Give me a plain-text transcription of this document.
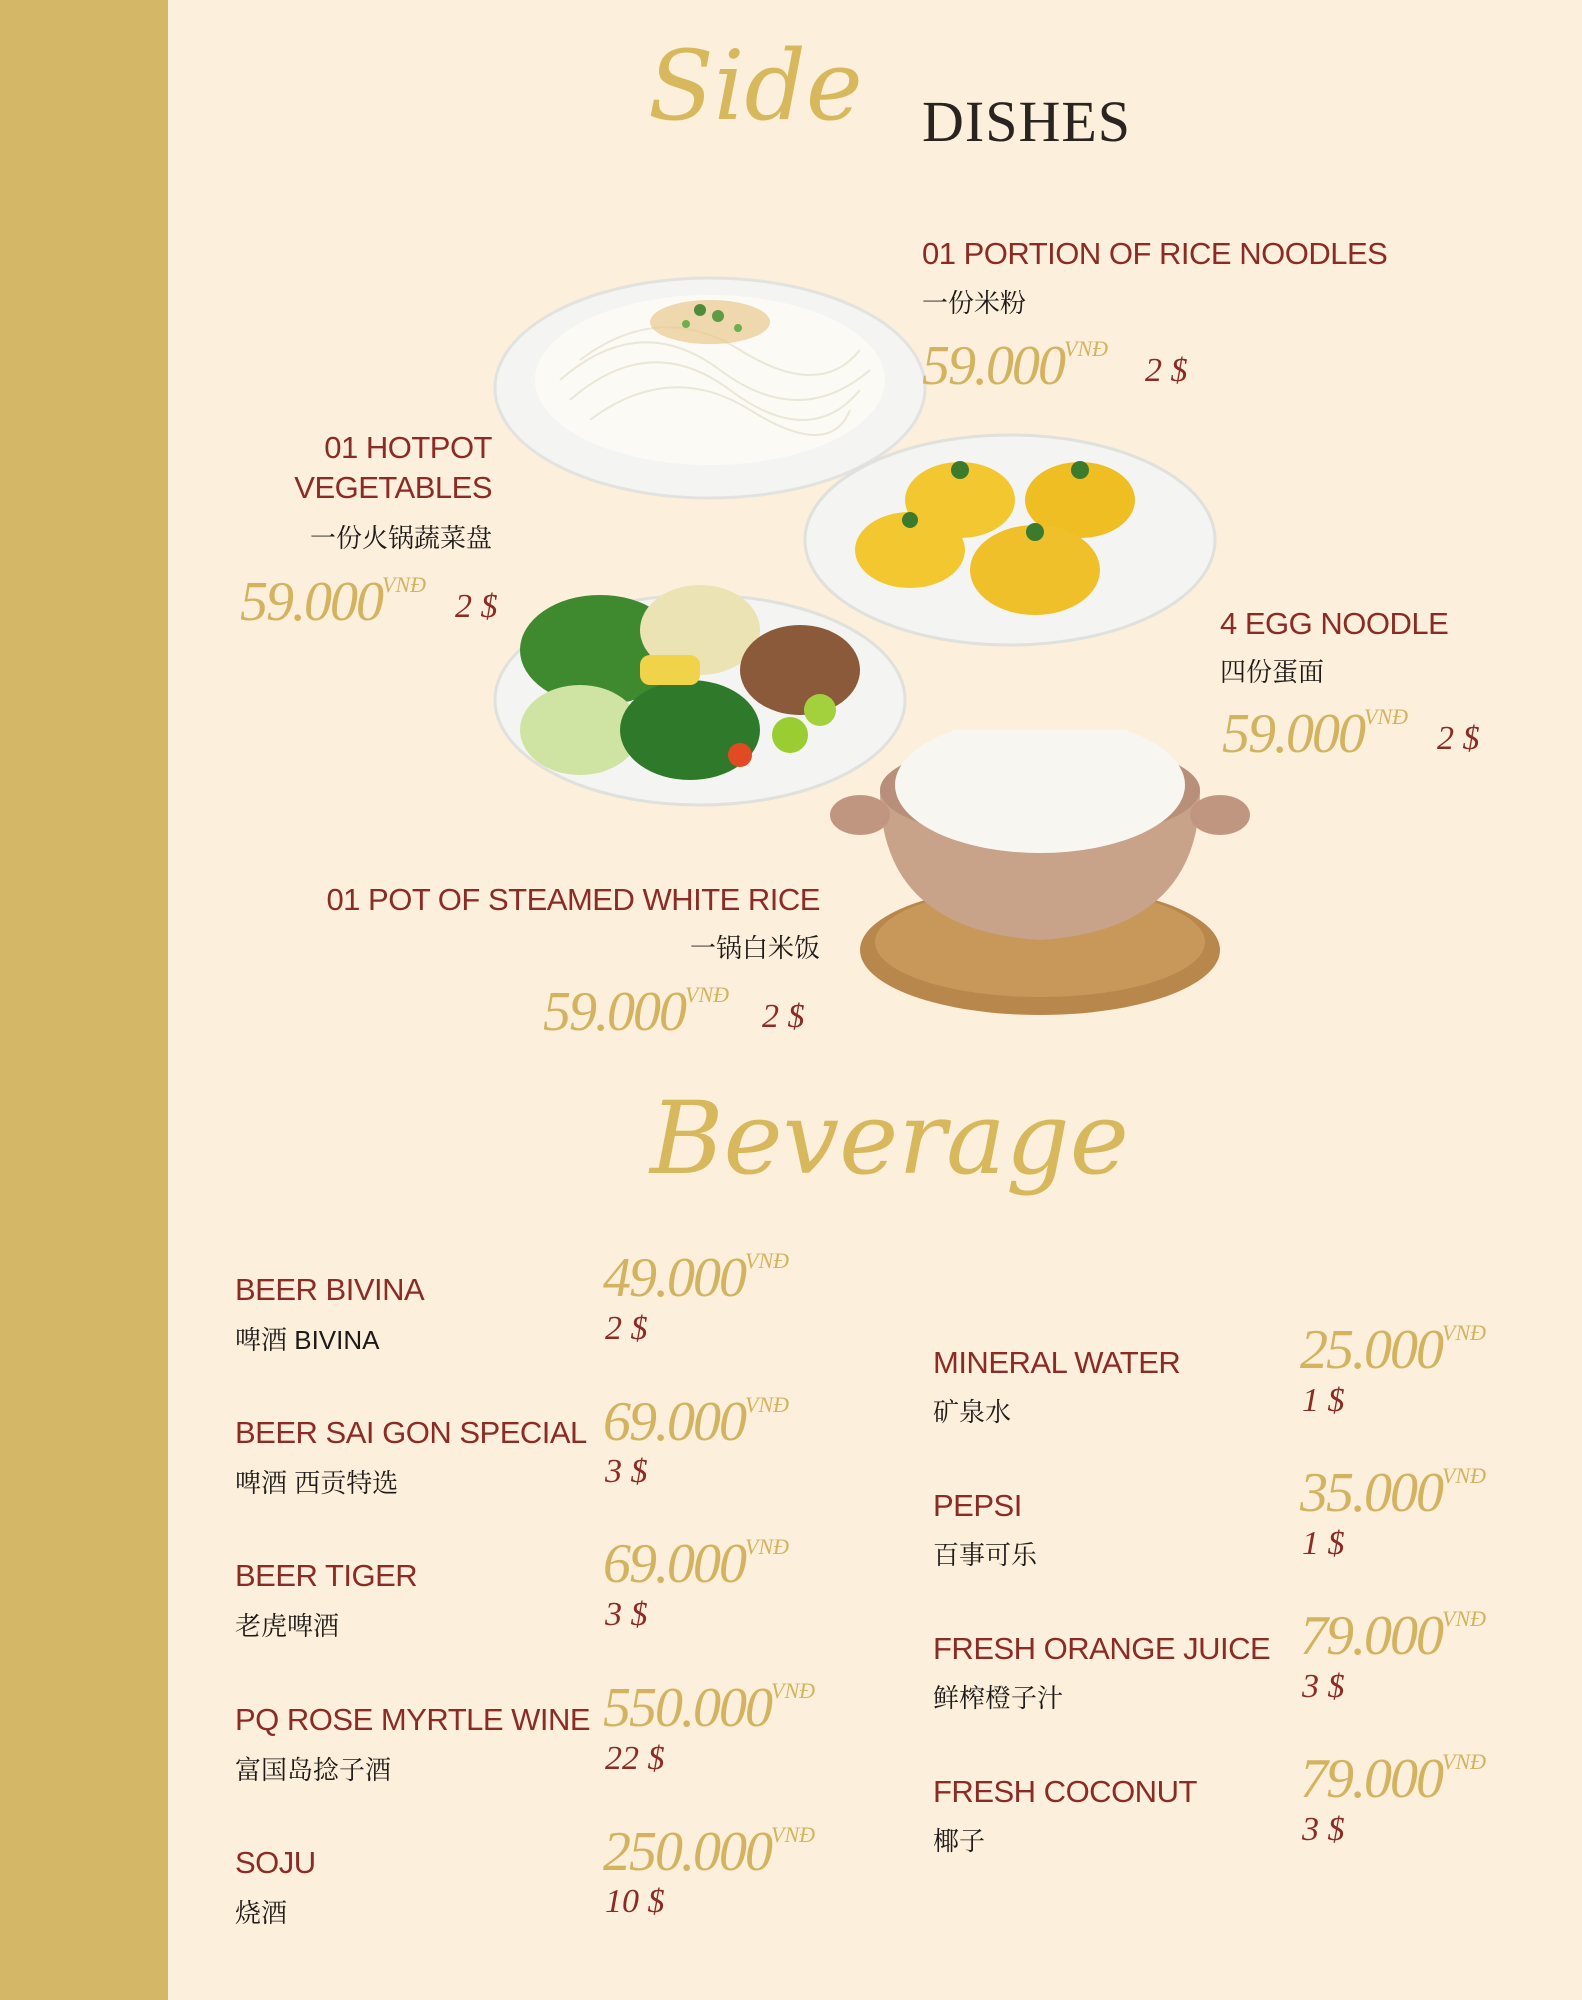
Side DISHES
01 PORTION OF RICE NOODLES
一份米粉
$59.000^{VNĐ}$
2 $
01 HOTPOT
VEGETABLES
一份火锅蔬菜盘
$59.000^{VNĐ}$
2 $	4 EGG NOODLE
四份蛋面
$59.000^{VNĐ}$
2 $
01 POT OF STEAMED WHITE RICE
一锅白米饭
$59.000^{VNĐ}$
2 $
Beverage
BEER BIVINA
啤酒 BIVINA
$49.000^{VNĐ}$
2 $
BEER SAI GON SPECIAL
啤酒 西贡特选
$69.000^{VNĐ}$
3 $
BEER TIGER
老虎啤酒
$69.000^{VNĐ}$
3 $
PQ ROSE MYRTLE WINE
富国岛捻子酒
$550.000^{VNĐ}$
22 $
SOJU
烧酒
$250.000^{VNĐ}$
10 $
MINERAL WATER
矿泉水
$25.000^{VNĐ}$
1 $
PEPSI
百事可乐
$35.000^{VNĐ}$
1 $
FRESH ORANGE JUICE
鲜榨橙子汁
$79.000^{VNĐ}$
3 $
FRESH COCONUT
椰子
$79.000^{VNĐ}$
3 $
